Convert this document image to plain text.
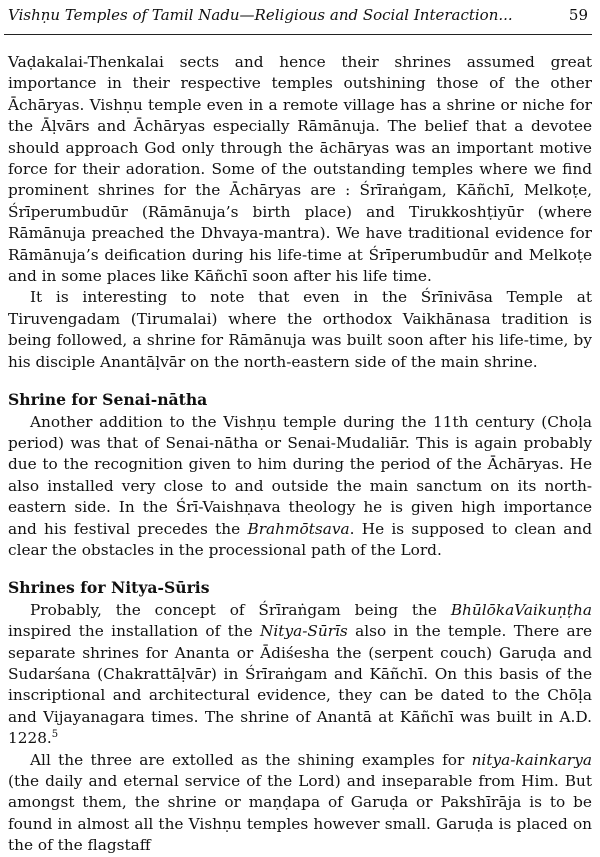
Vishṇu Temples of Tamil Nadu—Religious and Social Interaction...	59

Vaḍakalai-Thenkalai sects and hence their shrines assumed great importance in their respective temples outshining those of the other Āchāryas. Vishṇu temple even in a remote village has a shrine or niche for the Āḷvārs and Āchāryas especially Rāmānuja. The belief that a devotee should approach God only through the āchāryas was an important motive force for their adoration. Some of the outstanding temples where we find prominent shrines for the Āchāryas are : Śrīraṅgam, Kāñchī, Melkoṭe, Śrīperumbudūr (Rāmānuja’s birth place) and Tirukkoshṭiyūr (where Rāmānuja preached the Dhvaya-mantra). We have traditional evidence for Rāmānuja’s deification during his life-time at Śrīperumbudūr and Melkoṭe and in some places like Kāñchī soon after his life time.

It is interesting to note that even in the Śrīnivāsa Temple at Tiruvengadam (Tirumalai) where the orthodox Vaikhānasa tradition is being followed, a shrine for Rāmānuja was built soon after his life-time, by his disciple Anantāḷvār on the north-eastern side of the main shrine.

Shrine for Senai-nātha

Another addition to the Vishṇu temple during the 11th century (Choḷa period) was that of Senai-nātha or Senai-Mudaliār. This is again probably due to the recognition given to him during the period of the Āchāryas. He also installed very close to and outside the main sanctum on its north-eastern side. In the Śrī-Vaishṇava theology he is given high importance and his festival precedes the Brahmōtsava. He is supposed to clean and clear the obstacles in the processional path of the Lord.

Shrines for Nitya-Sūris

Probably, the concept of Śrīraṅgam being the BhūlōkaVaikuṇṭha inspired the installation of the Nitya-Sūrīs also in the temple. There are separate shrines for Ananta or Ādiśesha the (serpent couch) Garuḍa and Sudarśana (Chakrattāḷvār) in Śrīraṅgam and Kāñchī. On this basis of the inscriptional and architectural evidence, they can be dated to the Chōḷa and Vijayanagara times. The shrine of Anantā at Kāñchī was built in A.D. 1228.$^5$

All the three are extolled as the shining examples for nitya-kainkarya (the daily and eternal service of the Lord) and inseparable from Him. But amongst them, the shrine or maṇḍapa of Garuḍa or Pakshīrāja is to be found in almost all the Vishṇu temples however small. Garuḍa is placed on the of the flagstaff
